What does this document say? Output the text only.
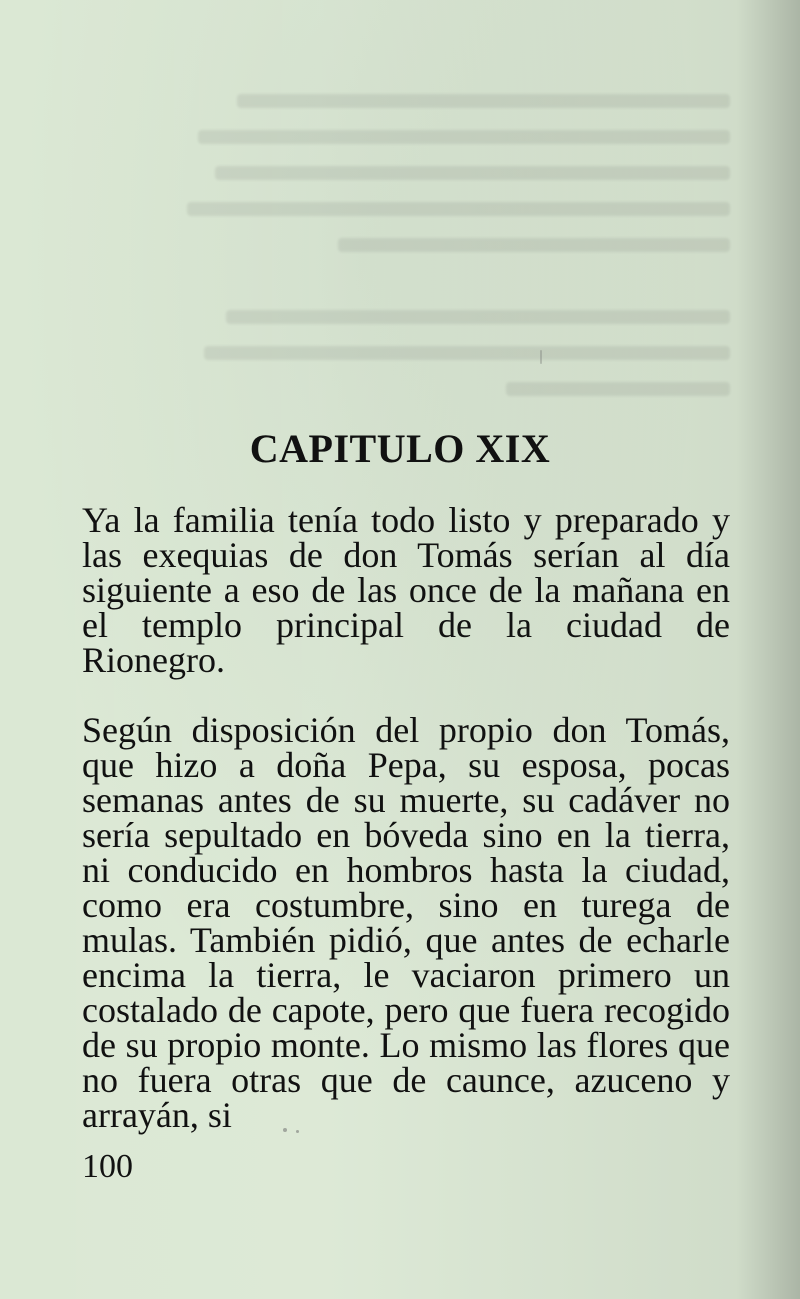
CAPITULO XIX

Ya la familia tenía todo listo y preparado y las exequias de don Tomás serían al día siguiente a eso de las once de la mañana en el templo principal de la ciudad de Rionegro.

Según disposición del propio don Tomás, que hizo a doña Pepa, su esposa, pocas semanas antes de su muerte, su cadáver no sería sepultado en bóveda sino en la tierra, ni conducido en hombros hasta la ciudad, como era costumbre, sino en turega de mulas. También pidió, que antes de echarle encima la tierra, le vaciaron primero un costalado de capote, pero que fuera recogido de su propio monte. Lo mismo las flores que no fuera otras que de caunce, azuceno y arrayán, si

100
